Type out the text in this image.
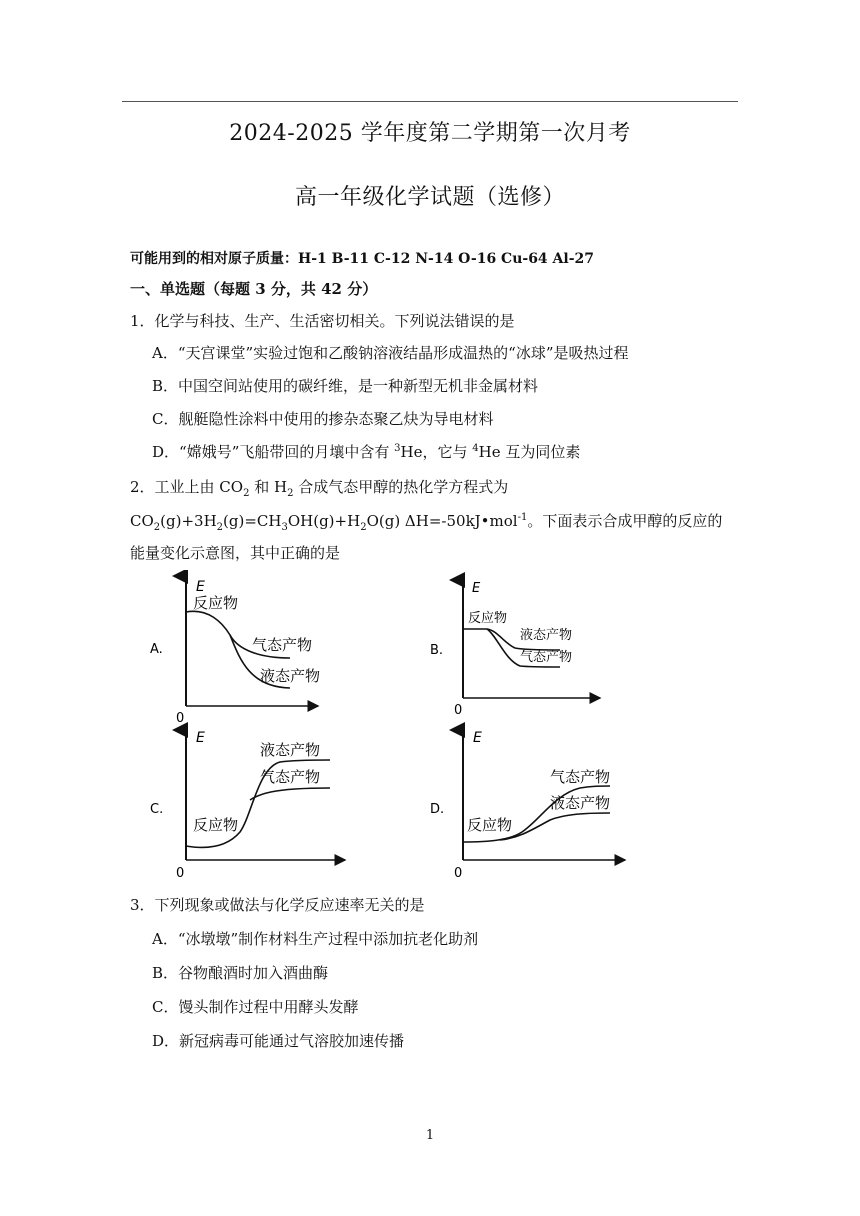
2024-2025 学年度第二学期第一次月考
高一年级化学试题（选修）
可能用到的相对原子质量：H-1 B-11 C-12 N-14 O-16 Cu-64 Al-27
一、单选题（每题 3 分，共 42 分）
1．化学与科技、生产、生活密切相关。下列说法错误的是
A．“天宫课堂”实验过饱和乙酸钠溶液结晶形成温热的“冰球”是吸热过程
B．中国空间站使用的碳纤维，是一种新型无机非金属材料
C．舰艇隐性涂料中使用的掺杂态聚乙炔为导电材料
D．“嫦娥号”飞船带回的月壤中含有 $^3$He，它与 $^4$He 互为同位素
2．工业上由 $CO_2$ 和 $H_2$ 合成气态甲醇的热化学方程式为
$CO_2(g)+3H_2(g)=CH_3OH(g)+H_2O(g)$ ΔH=-50kJ•mol$^{-1}$。下面表示合成甲醇的反应的
能量变化示意图，其中正确的是
E
0
A.
反应物
气态产物
液态产物
E
0
B.
反应物
液态产物
气态产物
E
0
C.
反应物
液态产物
气态产物
E
0
D.
反应物
气态产物
液态产物
3．下列现象或做法与化学反应速率无关的是
A．“冰墩墩”制作材料生产过程中添加抗老化助剂
B．谷物酿酒时加入酒曲酶
C．馒头制作过程中用酵头发酵
D．新冠病毒可能通过气溶胶加速传播
1
